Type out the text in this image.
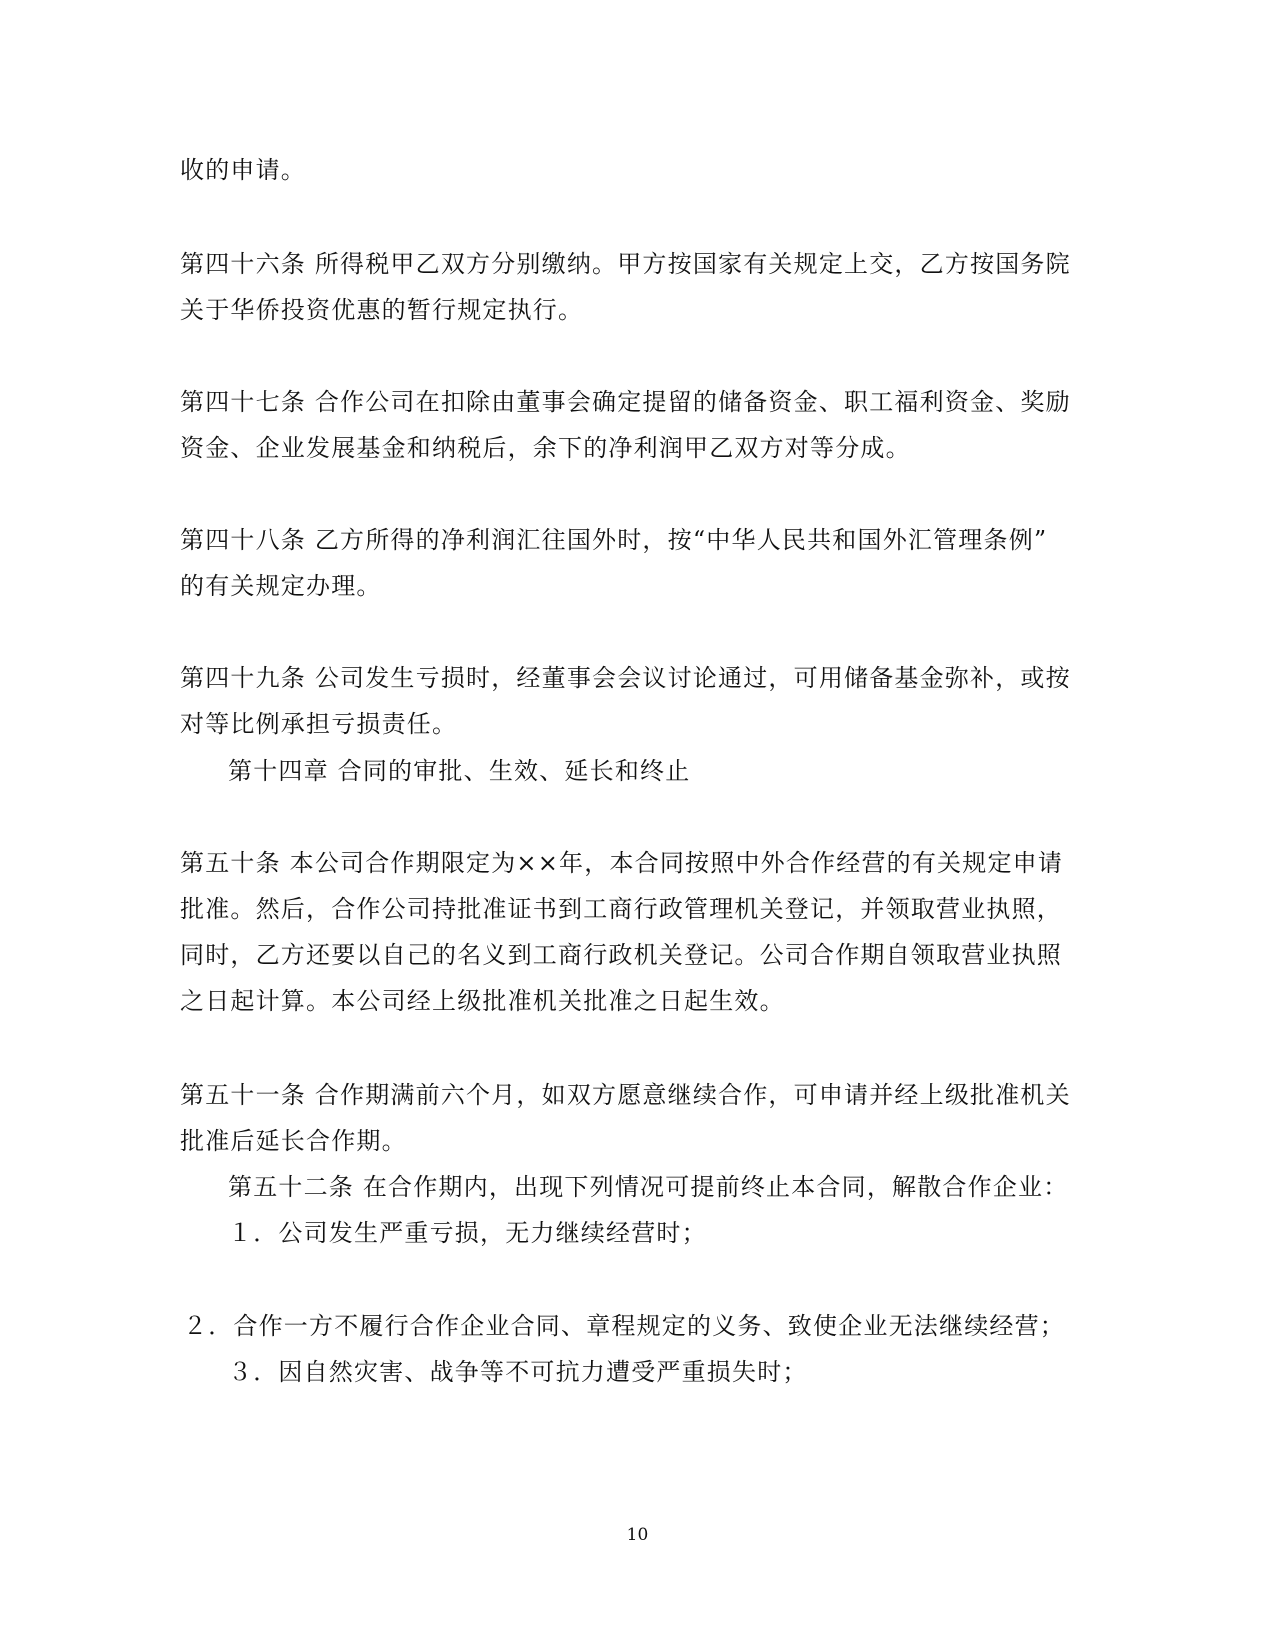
收的申请。
第四十六条 所得税甲乙双方分别缴纳。甲方按国家有关规定上交，乙方按国务院
关于华侨投资优惠的暂行规定执行。
第四十七条 合作公司在扣除由董事会确定提留的储备资金、职工福利资金、奖励
资金、企业发展基金和纳税后，余下的净利润甲乙双方对等分成。
第四十八条 乙方所得的净利润汇往国外时，按“中华人民共和国外汇管理条例”
的有关规定办理。
第四十九条 公司发生亏损时，经董事会会议讨论通过，可用储备基金弥补，或按
对等比例承担亏损责任。
第十四章 合同的审批、生效、延长和终止
第五十条 本公司合作期限定为××年，本合同按照中外合作经营的有关规定申请
批准。然后，合作公司持批准证书到工商行政管理机关登记，并领取营业执照，
同时，乙方还要以自己的名义到工商行政机关登记。公司合作期自领取营业执照
之日起计算。本公司经上级批准机关批准之日起生效。
第五十一条 合作期满前六个月，如双方愿意继续合作，可申请并经上级批准机关
批准后延长合作期。
第五十二条 在合作期内，出现下列情况可提前终止本合同，解散合作企业：
１．公司发生严重亏损，无力继续经营时；
２．合作一方不履行合作企业合同、章程规定的义务、致使企业无法继续经营；
３．因自然灾害、战争等不可抗力遭受严重损失时；
10
